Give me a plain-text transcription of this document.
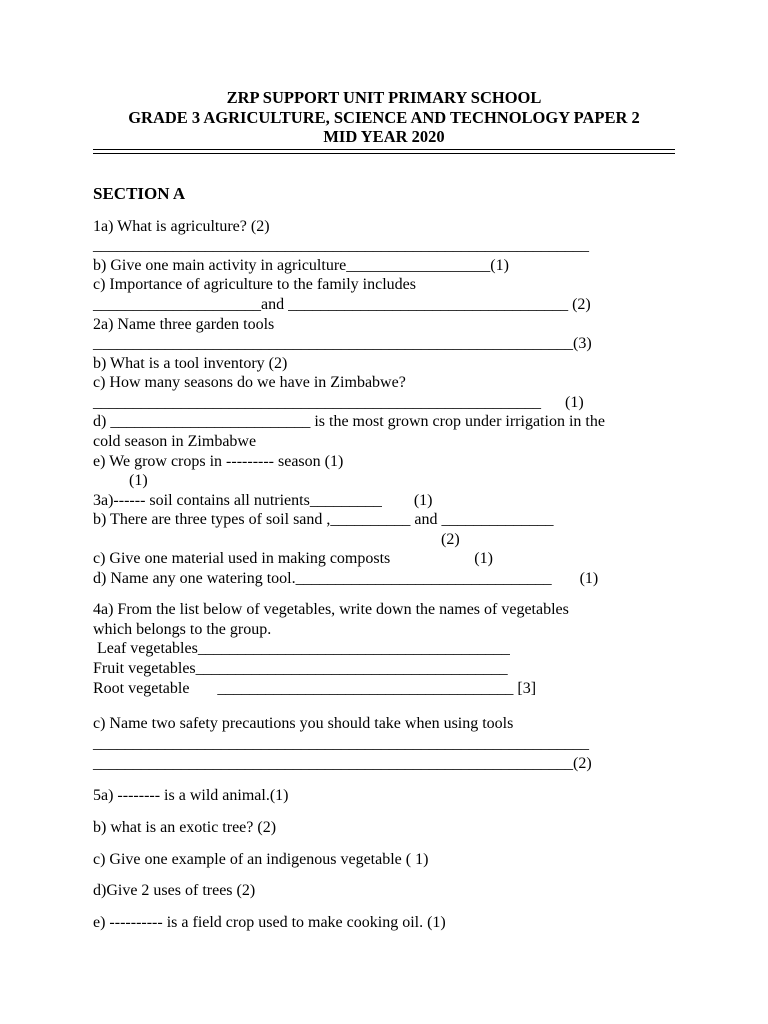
ZRP SUPPORT UNIT PRIMARY SCHOOL
GRADE 3 AGRICULTURE, SCIENCE AND TECHNOLOGY PAPER 2
MID YEAR 2020
SECTION A
1a) What is agriculture? (2)
______________________________________________________________
b) Give one main activity in agriculture__________________(1)
c) Importance of agriculture to the family includes
_____________________and ___________________________________ (2)
2a) Name three garden tools
____________________________________________________________(3)
b) What is a tool inventory (2)
c) How many seasons do we have in Zimbabwe?
________________________________________________________      (1)
d) _________________________ is the most grown crop under irrigation in the
cold season in Zimbabwe
e) We grow crops in --------- season (1)
(1)
3a)------ soil contains all nutrients_________        (1)
b) There are three types of soil sand ,__________ and ______________
(2)
c) Give one material used in making composts                     (1)
d) Name any one watering tool.________________________________       (1)
4a) From the list below of vegetables, write down the names of vegetables
which belongs to the group.
Leaf vegetables_______________________________________
Fruit vegetables_______________________________________
Root vegetable       _____________________________________ [3]
c) Name two safety precautions you should take when using tools
______________________________________________________________
____________________________________________________________(2)
5a) -------- is a wild animal.(1)
b) what is an exotic tree? (2)
c) Give one example of an indigenous vegetable ( 1)
d)Give 2 uses of trees (2)
e) ---------- is a field crop used to make cooking oil. (1)
